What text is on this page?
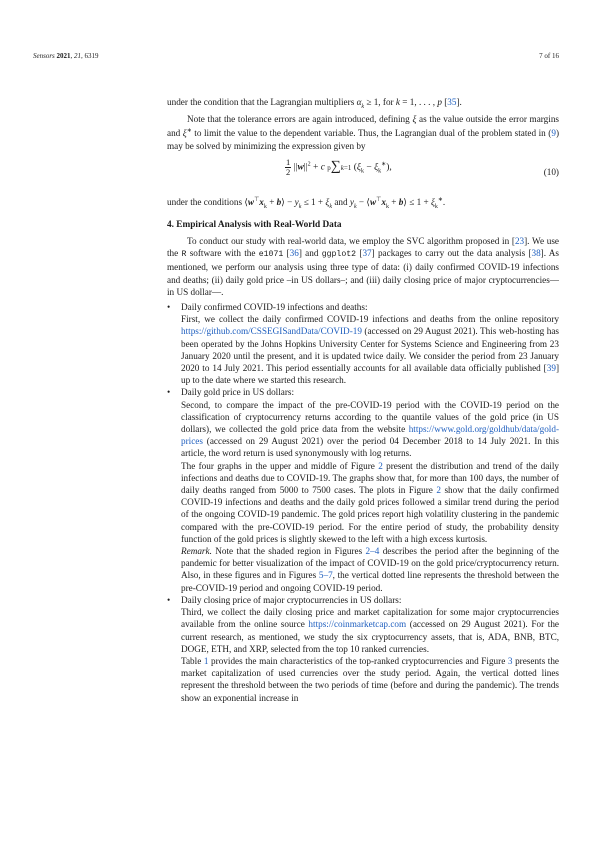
Sensors 2021, 21, 6319	7 of 16

under the condition that the Lagrangian multipliers $\alpha_k \ge 1$, for k = 1, . . . , p [35].

Note that the tolerance errors are again introduced, defining ξ as the value outside the error margins and ξ∗ to limit the value to the dependent variable. Thus, the Lagrangian dual of the problem stated in (9) may be solved by minimizing the expression given by

$\frac{1}{2} ||w||^2 + c$ p∑k=1 $(\xi_k - \xi_k^∗)$,	(10)

under the conditions $⟨w^⊤x_k$ + b⟩ − $y_k \le 1 + \xi_k$ and $y_k$ − $⟨w^⊤x_k$ + b⟩ ≤ $1 + \xi_k^∗$.

4. Empirical Analysis with Real-World Data

To conduct our study with real-world data, we employ the SVC algorithm proposed in [23]. We use the R software with the e1071 [36] and ggplot2 [37] packages to carry out the data analysis [38]. As mentioned, we perform our analysis using three type of data: (i) daily confirmed COVID-19 infections and deaths; (ii) daily gold price –in US dollars–; and (iii) daily closing price of major cryptocurrencies—in US dollar—.

• Daily confirmed COVID-19 infections and deaths:

First, we collect the daily confirmed COVID-19 infections and deaths from the online repository https://github.com/CSSEGISandData/COVID-19 (accessed on 29 August 2021). This web-hosting has been operated by the Johns Hopkins University Center for Systems Science and Engineering from 23 January 2020 until the present, and it is updated twice daily. We consider the period from 23 January 2020 to 14 July 2021. This period essentially accounts for all available data officially published [39] up to the date where we started this research.

• Daily gold price in US dollars:

Second, to compare the impact of the pre-COVID-19 period with the COVID-19 period on the classification of cryptocurrency returns according to the quantile values of the gold price (in US dollars), we collected the gold price data from the website https://www.gold.org/goldhub/data/gold-prices (accessed on 29 August 2021) over the period 04 December 2018 to 14 July 2021. In this article, the word return is used synonymously with log returns.

The four graphs in the upper and middle of Figure 2 present the distribution and trend of the daily infections and deaths due to COVID-19. The graphs show that, for more than 100 days, the number of daily deaths ranged from 5000 to 7500 cases. The plots in Figure 2 show that the daily confirmed COVID-19 infections and deaths and the daily gold prices followed a similar trend during the period of the ongoing COVID-19 pandemic. The gold prices report high volatility clustering in the pandemic compared with the pre-COVID-19 period. For the entire period of study, the probability density function of the gold prices is slightly skewed to the left with a high excess kurtosis.

Remark. Note that the shaded region in Figures 2–4 describes the period after the beginning of the pandemic for better visualization of the impact of COVID-19 on the gold price/cryptocurrency return. Also, in these figures and in Figures 5–7, the vertical dotted line represents the threshold between the pre-COVID-19 period and ongoing COVID-19 period.

• Daily closing price of major cryptocurrencies in US dollars:

Third, we collect the daily closing price and market capitalization for some major cryptocurrencies available from the online source https://coinmarketcap.com (accessed on 29 August 2021). For the current research, as mentioned, we study the six cryptocurrency assets, that is, ADA, BNB, BTC, DOGE, ETH, and XRP, selected from the top 10 ranked currencies.

Table 1 provides the main characteristics of the top-ranked cryptocurrencies and Figure 3 presents the market capitalization of used currencies over the study period. Again, the vertical dotted lines represent the threshold between the two periods of time (before and during the pandemic). The trends show an exponential increase in
